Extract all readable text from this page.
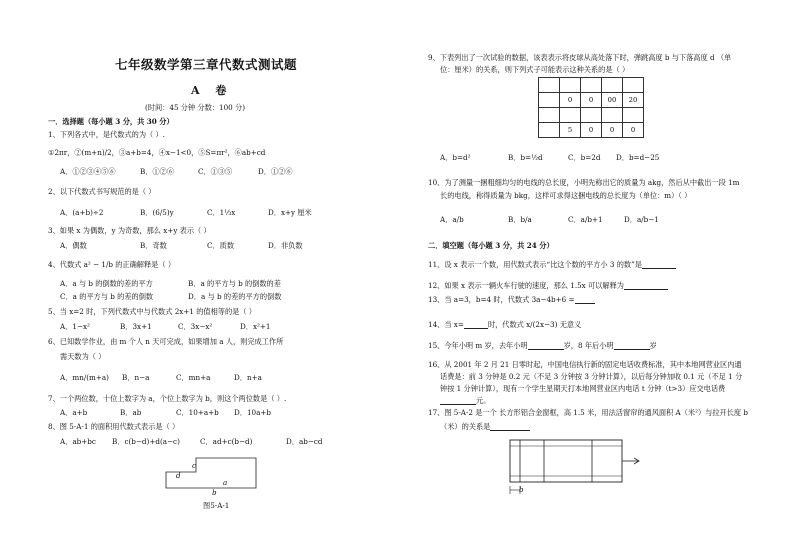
七年级数学第三章代数式测试题
A 卷
(时间：45 分钟 分数：100 分)
一．选择题（每小题 3 分，共 30 分）
1、下列各式中，是代数式的为（ ）.
①2πr，②(m+n)/2，③a+b=4，④x−1<0，⑤S=πr²，⑥ab+cd
A．①②③④⑤⑥	B．①②⑥	C．①③⑤	D．①②⑥
2、以下代数式书写规范的是（ ）
A．(a+b)÷2	B．(6/5)y	C．1⅓x	D．x+y 厘米
3、如果 x 为偶数，y 为奇数，那么 x+y 表示（ ）
A．偶数	B．奇数	C．质数	D．非负数
4、代数式 a² − 1/b 的正确解释是（ ）
A．a 与 b 的倒数的差的平方	B．a 的平方与 b 的倒数的差
C．a 的平方与 b 的差的倒数	D．a 与 b 的差的平方的倒数
5、当 x=2 时，下列代数式中与代数式 2x+1 的值相等的是（ ）
A．1−x²	B．3x+1	C．3x−x²	D．x²+1
6、已知数学作业，由 m 个人 n 天可完成，如果增加 a 人，则完成工作所
需天数为（ ）
A．mn/(m+a) B．n−a	C．mn+a	D．n+a
7、一个两位数，十位上数字为 a，个位上数字为 b，则这个两位数是（ ）.
A．a+b	B．ab	C．10+a+b D．10a+b
8、图 5-A-1 的面积用代数式表示是（ ）
A．ab+bc B．c(b−d)+d(a−c)	C．ad+c(b−d)	D．ab−cd
c
d
a
b
图5-A-1
9、下表列出了一次试验的数据，该表表示将皮球从高处落下时，弹跳高度 b 与下落高度 d （单
位：厘米）的关系，则下列式子可能表示这种关系的是（ ）

	0	0	00	20

	5	0	0	0
A．b=d²	B．b=½d	C．b=2d D．b=d−25
10、为了测量一捆粗细均匀的电线的总长度，小明先称出它的质量为 akg，然后从中截出一段 1m
长的电线，称得质量为 bkg，这样可求得这捆电线的总长度为（单位：m）（ ）
A．a/b	B．b/a	C．a/b+1	D．a/b−1
二．填空题（每小题 3 分，共 24 分）
11、设 x 表示一个数，用代数式表示“比这个数的平方小 3 的数”是
12、如果 x 表示一辆火车行驶的速度，那么 1.5x 可以解释为
13、当 a=3，b=4 时，代数式 3a−4b+6 =
14、当 x=	时，代数式 x/(2x−3) 无意义
15、今年小明 m 岁，去年小明	岁，8 年后小明	岁
16、从 2001 年 2 月 21 日零时起，中国电信执行新的固定电话收费标准，其中本地网营业区内通
话费是：前 3 分钟是 0.2 元（不足 3 分钟按 3 分钟计算），以后每分钟加收 0.1 元（不足 1 分
钟按 1 分钟计算），现有一个学生星期天打本地网营业区内电话 t 分钟（t>3）应交电话费
元。
17、图 5-A-2 是一个 长方形铝合金窗框，高 1.5 米，用法活窗帘的通风面积 A（米²）与拉开长度 b
（米）的关系是
b
